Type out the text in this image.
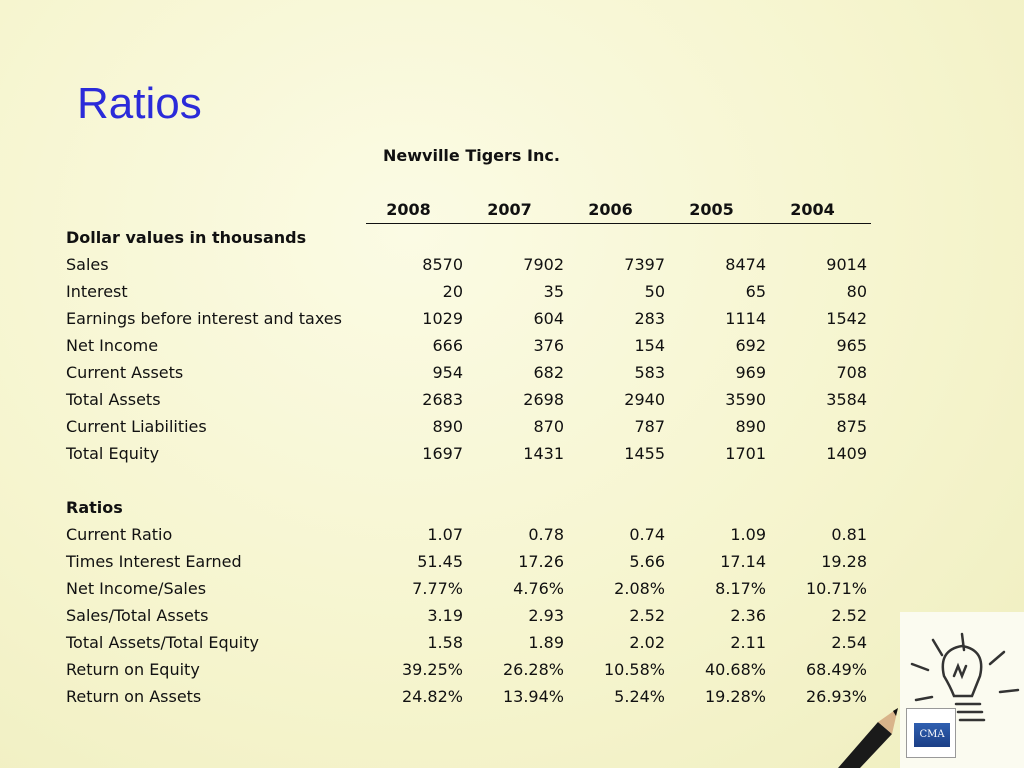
Ratios
Newville Tigers Inc.
	2008	2007	2006	2005	2004
Dollar values in thousands					
Sales	8570	7902	7397	8474	9014
Interest	20	35	50	65	80
Earnings before interest and taxes	1029	604	283	1114	1542
Net Income	666	376	154	692	965
Current Assets	954	682	583	969	708
Total Assets	2683	2698	2940	3590	3584
Current Liabilities	890	870	787	890	875
Total Equity	1697	1431	1455	1701	1409

Ratios					
Current Ratio	1.07	0.78	0.74	1.09	0.81
Times Interest Earned	51.45	17.26	5.66	17.14	19.28
Net Income/Sales	7.77%	4.76%	2.08%	8.17%	10.71%
Sales/Total Assets	3.19	2.93	2.52	2.36	2.52
Total Assets/Total Equity	1.58	1.89	2.02	2.11	2.54
Return on Equity	39.25%	26.28%	10.58%	40.68%	68.49%
Return on Assets	24.82%	13.94%	5.24%	19.28%	26.93%
CMA
